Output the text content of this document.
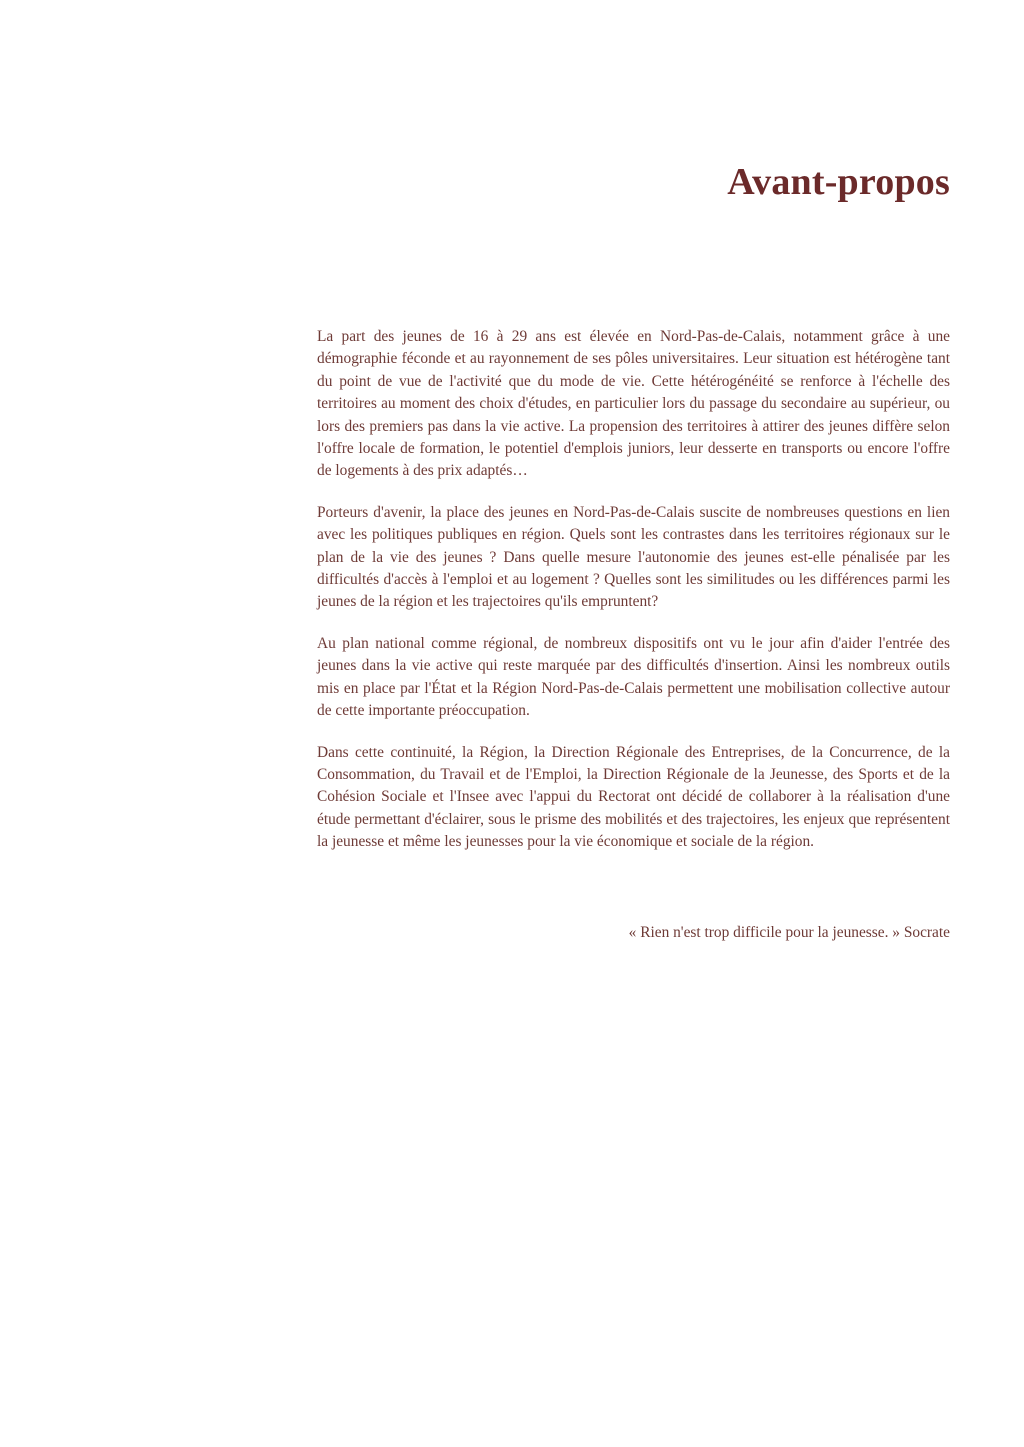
Avant-propos

La part des jeunes de 16 à 29 ans est élevée en Nord-Pas-de-Calais, notamment grâce à une démographie féconde et au rayonnement de ses pôles universitaires. Leur situation est hétérogène tant du point de vue de l'activité que du mode de vie. Cette hétérogénéité se renforce à l'échelle des territoires au moment des choix d'études, en particulier lors du passage du secondaire au supérieur, ou lors des premiers pas dans la vie active. La propension des territoires à attirer des jeunes diffère selon l'offre locale de formation, le potentiel d'emplois juniors, leur desserte en transports ou encore l'offre de logements à des prix adaptés…

Porteurs d'avenir, la place des jeunes en Nord-Pas-de-Calais suscite de nombreuses questions en lien avec les politiques publiques en région. Quels sont les contrastes dans les territoires régionaux sur le plan de la vie des jeunes ? Dans quelle mesure l'autonomie des jeunes est-elle pénalisée par les difficultés d'accès à l'emploi et au logement ? Quelles sont les similitudes ou les différences parmi les jeunes de la région et les trajectoires qu'ils empruntent?

Au plan national comme régional, de nombreux dispositifs ont vu le jour afin d'aider l'entrée des jeunes dans la vie active qui reste marquée par des difficultés d'insertion. Ainsi les nombreux outils mis en place par l'État et la Région Nord-Pas-de-Calais permettent une mobilisation collective autour de cette importante préoccupation.

Dans cette continuité, la Région, la Direction Régionale des Entreprises, de la Concurrence, de la Consommation, du Travail et de l'Emploi, la Direction Régionale de la Jeunesse, des Sports et de la Cohésion Sociale et l'Insee avec l'appui du Rectorat ont décidé de collaborer à la réalisation d'une étude permettant d'éclairer, sous le prisme des mobilités et des trajectoires, les enjeux que représentent la jeunesse et même les jeunesses pour la vie économique et sociale de la région.

« Rien n'est trop difficile pour la jeunesse. » Socrate
